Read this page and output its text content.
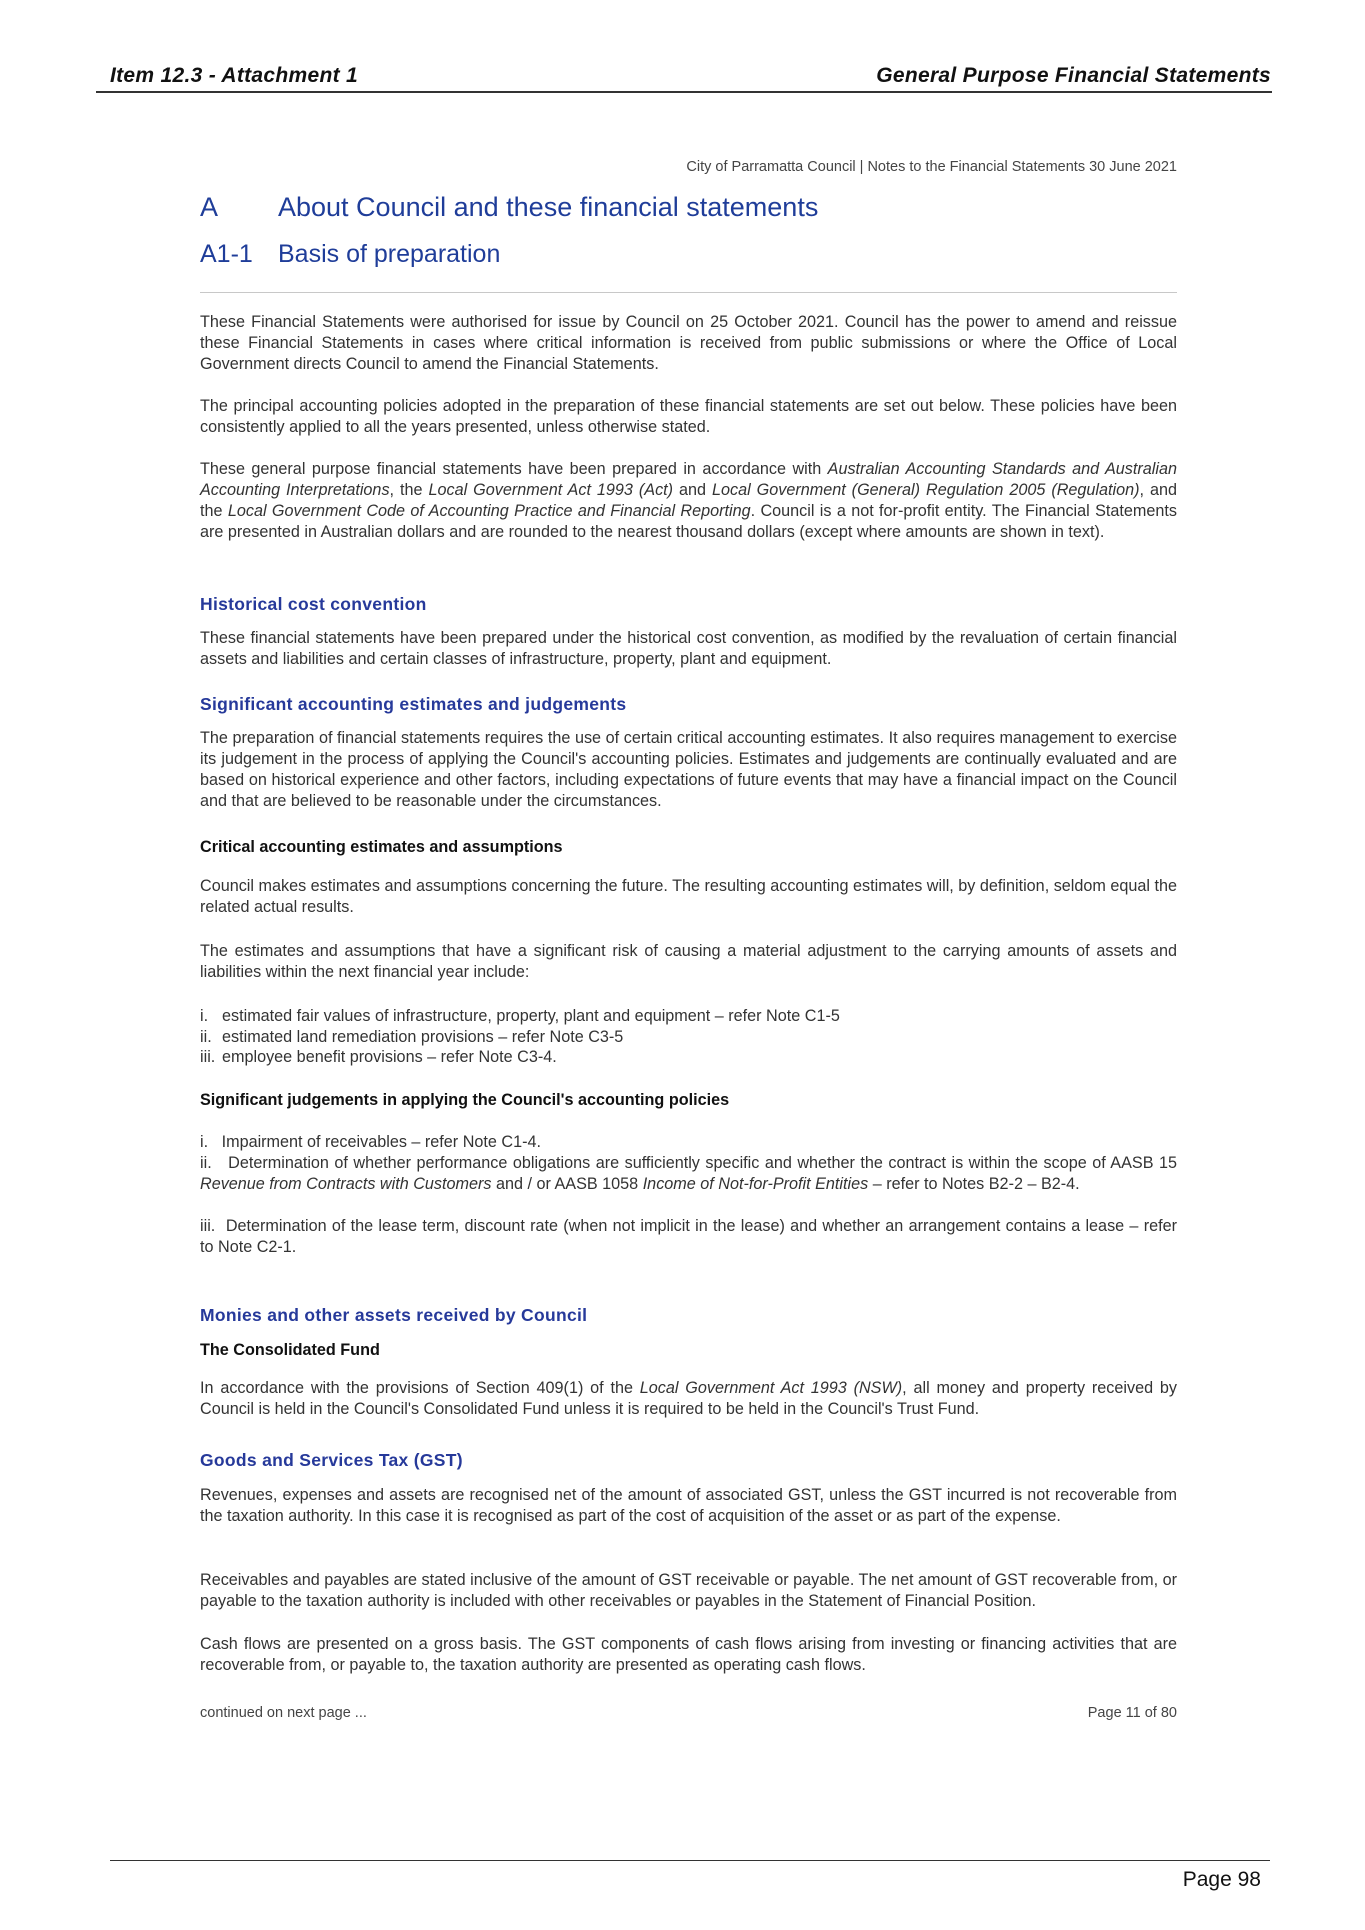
Item 12.3 - Attachment 1	General Purpose Financial Statements
City of Parramatta Council | Notes to the Financial Statements 30 June 2021
A About Council and these financial statements
A1-1 Basis of preparation
These Financial Statements were authorised for issue by Council on 25 October 2021. Council has the power to amend and reissue these Financial Statements in cases where critical information is received from public submissions or where the Office of Local Government directs Council to amend the Financial Statements.
The principal accounting policies adopted in the preparation of these financial statements are set out below. These policies have been consistently applied to all the years presented, unless otherwise stated.
These general purpose financial statements have been prepared in accordance with Australian Accounting Standards and Australian Accounting Interpretations, the Local Government Act 1993 (Act) and Local Government (General) Regulation 2005 (Regulation), and the Local Government Code of Accounting Practice and Financial Reporting. Council is a not for-profit entity. The Financial Statements are presented in Australian dollars and are rounded to the nearest thousand dollars (except where amounts are shown in text).
Historical cost convention
These financial statements have been prepared under the historical cost convention, as modified by the revaluation of certain financial assets and liabilities and certain classes of infrastructure, property, plant and equipment.
Significant accounting estimates and judgements
The preparation of financial statements requires the use of certain critical accounting estimates. It also requires management to exercise its judgement in the process of applying the Council's accounting policies. Estimates and judgements are continually evaluated and are based on historical experience and other factors, including expectations of future events that may have a financial impact on the Council and that are believed to be reasonable under the circumstances.
Critical accounting estimates and assumptions
Council makes estimates and assumptions concerning the future. The resulting accounting estimates will, by definition, seldom equal the related actual results.
The estimates and assumptions that have a significant risk of causing a material adjustment to the carrying amounts of assets and liabilities within the next financial year include:
i. estimated fair values of infrastructure, property, plant and equipment – refer Note C1-5
ii. estimated land remediation provisions – refer Note C3-5
iii. employee benefit provisions – refer Note C3-4.
Significant judgements in applying the Council's accounting policies
i.   Impairment of receivables – refer Note C1-4.
ii.   Determination of whether performance obligations are sufficiently specific and whether the contract is within the scope of AASB 15 Revenue from Contracts with Customers and / or AASB 1058 Income of Not-for-Profit Entities – refer to Notes B2-2 – B2-4.
iii.  Determination of the lease term, discount rate (when not implicit in the lease) and whether an arrangement contains a lease – refer        to Note C2-1.
Monies and other assets received by Council
The Consolidated Fund
In accordance with the provisions of Section 409(1) of the Local Government Act 1993 (NSW), all money and property received by Council is held in the Council's Consolidated Fund unless it is required to be held in the Council's Trust Fund.
Goods and Services Tax (GST)
Revenues, expenses and assets are recognised net of the amount of associated GST, unless the GST incurred is not recoverable from the taxation authority. In this case it is recognised as part of the cost of acquisition of the asset or as part of the expense.
Receivables and payables are stated inclusive of the amount of GST receivable or payable. The net amount of GST recoverable from, or payable to the taxation authority is included with other receivables or payables in the Statement of Financial Position.
Cash flows are presented on a gross basis. The GST components of cash flows arising from investing or financing activities that are recoverable from, or payable to, the taxation authority are presented as operating cash flows.
continued on next page ...	Page 11 of 80
Page 98
